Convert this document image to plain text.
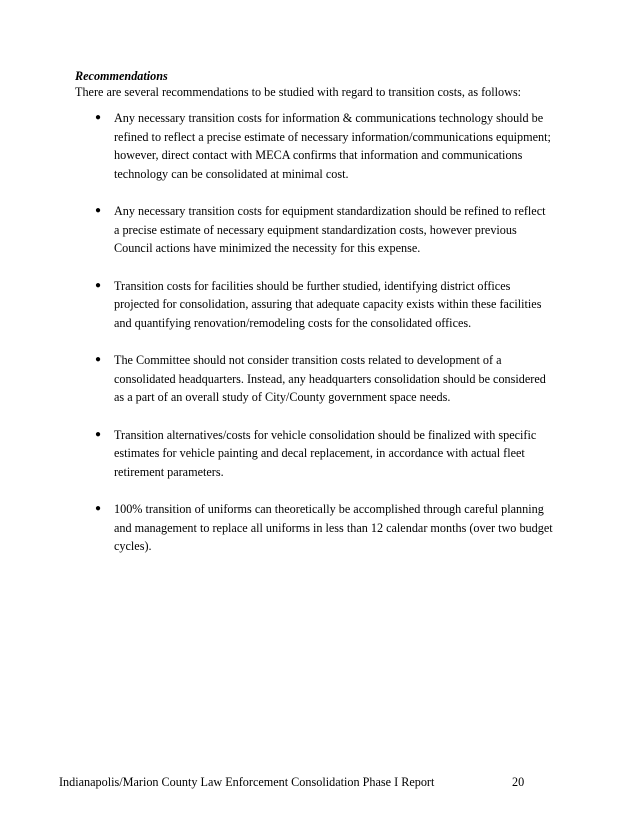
Recommendations
There are several recommendations to be studied with regard to transition costs, as follows:
● Any necessary transition costs for information & communications technology should be
refined to reflect a precise estimate of necessary information/communications equipment;
however, direct contact with MECA confirms that information and communications
technology can be consolidated at minimal cost.
● Any necessary transition costs for equipment standardization should be refined to reflect
a precise estimate of necessary equipment standardization costs, however previous
Council actions have minimized the necessity for this expense.
● Transition costs for facilities should be further studied, identifying district offices
projected for consolidation, assuring that adequate capacity exists within these facilities
and quantifying renovation/remodeling costs for the consolidated offices.
● The Committee should not consider transition costs related to development of a
consolidated headquarters. Instead, any headquarters consolidation should be considered
as a part of an overall study of City/County government space needs.
● Transition alternatives/costs for vehicle consolidation should be finalized with specific
estimates for vehicle painting and decal replacement, in accordance with actual fleet
retirement parameters.
● 100% transition of uniforms can theoretically be accomplished through careful planning
and management to replace all uniforms in less than 12 calendar months (over two budget
cycles).
Indianapolis/Marion County Law Enforcement Consolidation Phase I Report	20
